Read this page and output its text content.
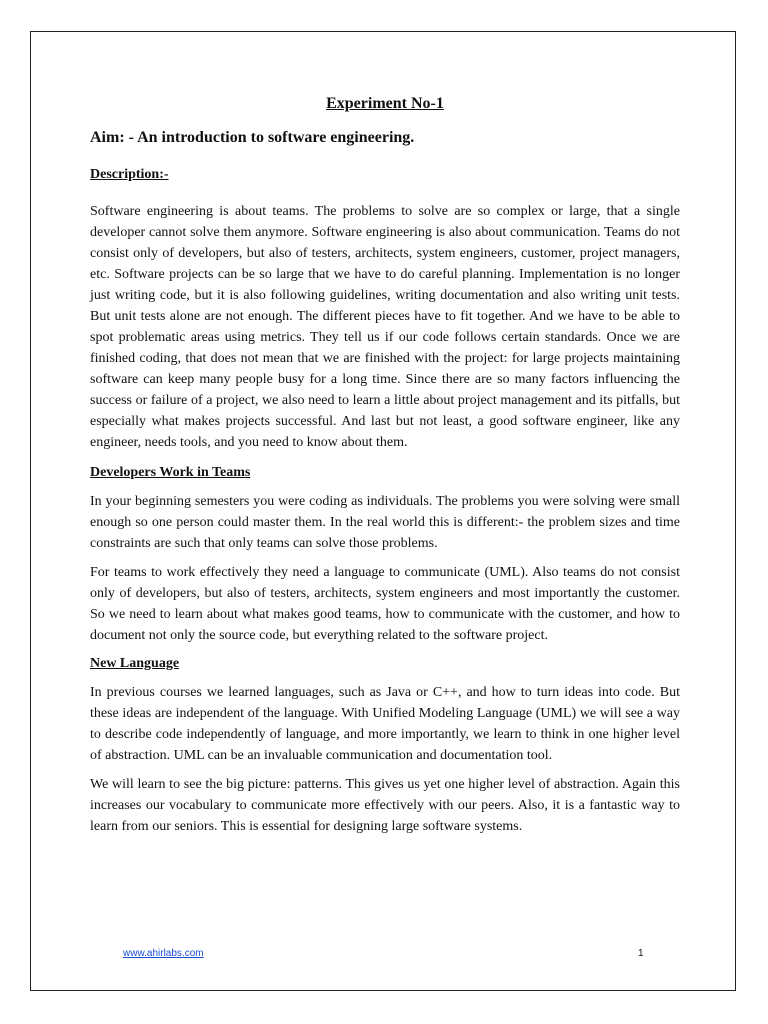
Experiment No-1
Aim: - An introduction to software engineering.
Description:-

Software engineering is about teams. The problems to solve are so complex or large, that a single developer cannot solve them anymore. Software engineering is also about communication. Teams do not consist only of developers, but also of testers, architects, system engineers, customer, project managers, etc. Software projects can be so large that we have to do careful planning. Implementation is no longer just writing code, but it is also following guidelines, writing documentation and also writing unit tests. But unit tests alone are not enough. The different pieces have to fit together. And we have to be able to spot problematic areas using metrics. They tell us if our code follows certain standards. Once we are finished coding, that does not mean that we are finished with the project: for large projects maintaining software can keep many people busy for a long time. Since there are so many factors influencing the success or failure of a project, we also need to learn a little about project management and its pitfalls, but especially what makes projects successful. And last but not least, a good software engineer, like any engineer, needs tools, and you need to know about them.

Developers Work in Teams

In your beginning semesters you were coding as individuals. The problems you were solving were small enough so one person could master them. In the real world this is different:- the problem sizes and time constraints are such that only teams can solve those problems.

For teams to work effectively they need a language to communicate (UML). Also teams do not consist only of developers, but also of testers, architects, system engineers and most importantly the customer. So we need to learn about what makes good teams, how to communicate with the customer, and how to document not only the source code, but everything related to the software project.

New Language

In previous courses we learned languages, such as Java or C++, and how to turn ideas into code. But these ideas are independent of the language. With Unified Modeling Language (UML) we will see a way to describe code independently of language, and more importantly, we learn to think in one higher level of abstraction. UML can be an invaluable communication and documentation tool.

We will learn to see the big picture: patterns. This gives us yet one higher level of abstraction. Again this increases our vocabulary to communicate more effectively with our peers. Also, it is a fantastic way to learn from our seniors. This is essential for designing large software systems.

www.ahirlabs.com	1
